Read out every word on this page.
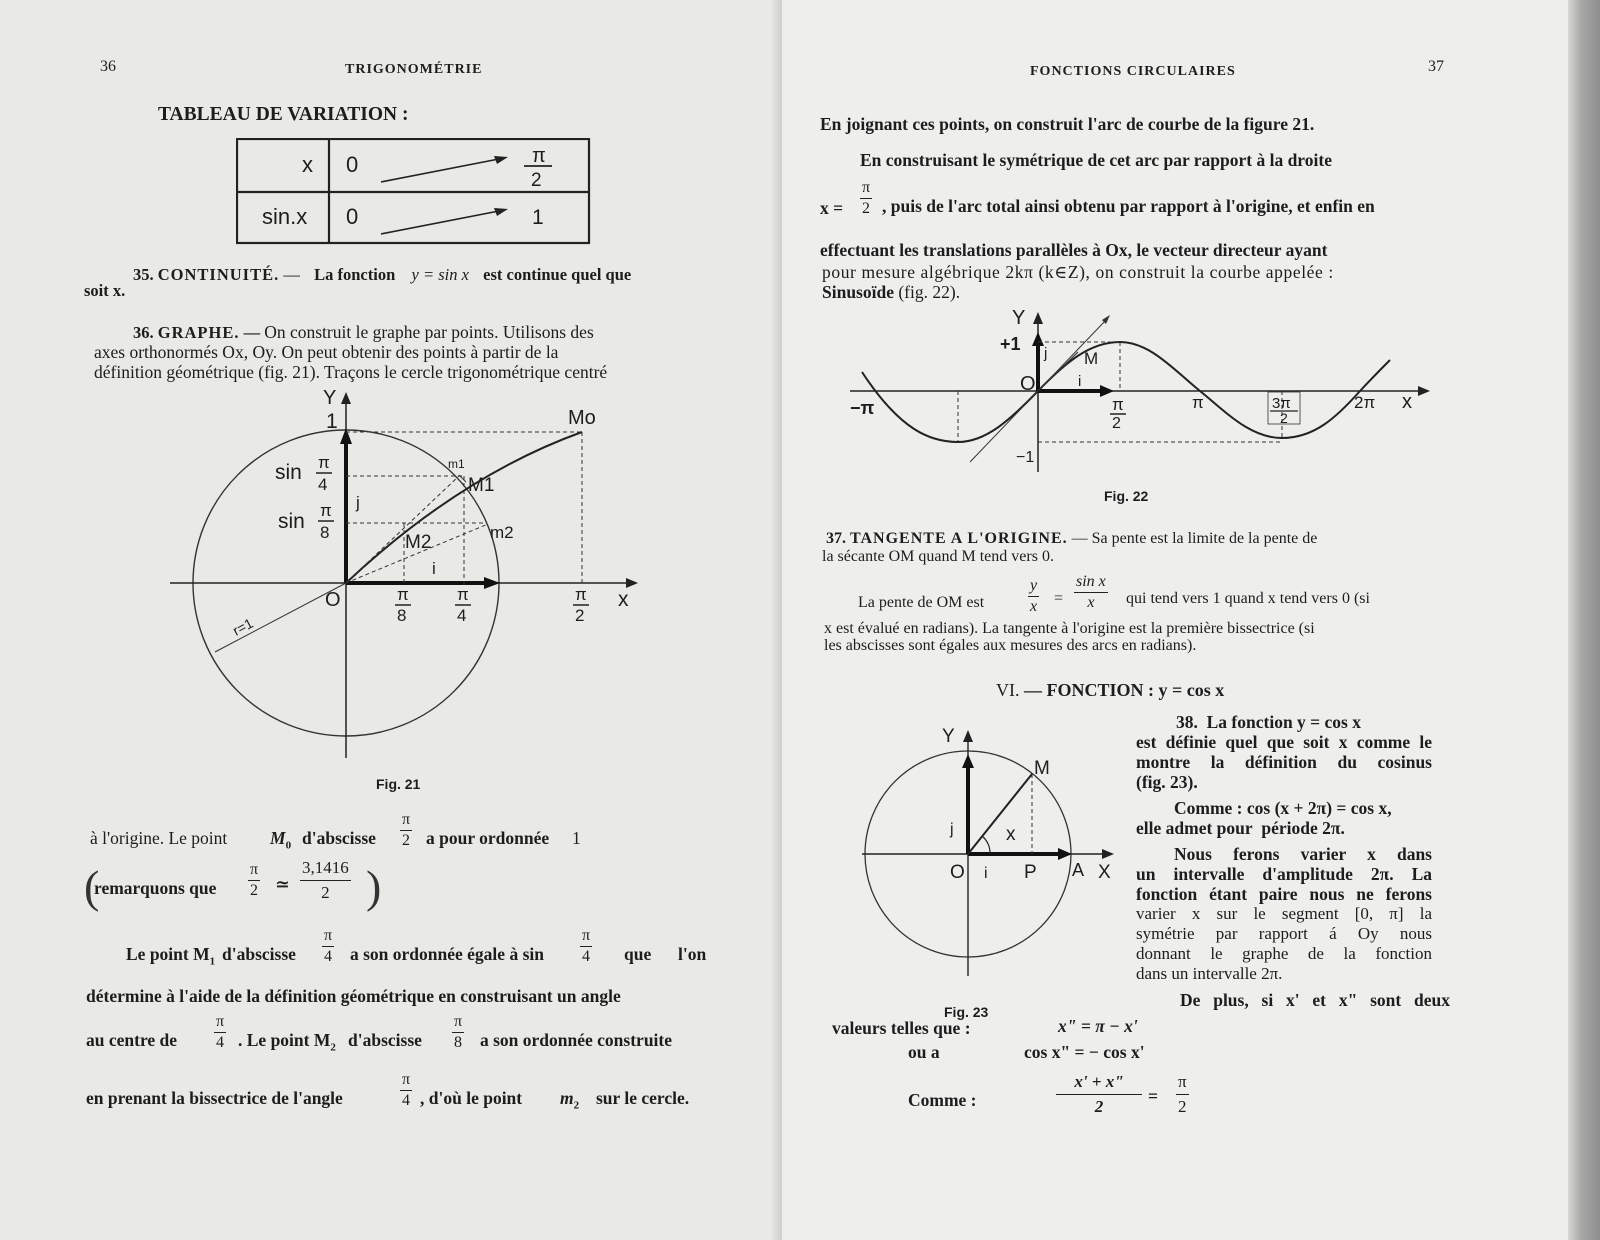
36	TRIGONOMÉTRIE
TABLEAU DE VARIATION :
x 0	π
2
sin.x 0	1
35. CONTINUITÉ. — La fonction y = sin x est continue quel que
soit x.
36. GRAPHE. — On construit le graphe par points. Utilisons des
axes orthonormés Ox, Oy. On peut obtenir des points à partir de la
définition géométrique (fig. 21). Traçons le cercle trigonométrique centré
Y
1	Mo
sin π
4
sin π
8
m1
M1
M2	m2
j
i
O	π
8
π
4
π
2
x
r=1
Fig. 21
à l'origine. Le point $M_0$ d'abscisse
π
2 a pour ordonnée 1
(
remarquons que
π
2 ≃
3,1416
2 )
Le point $M_1$ d'abscisse
π
4 a son ordonnée égale à sin
π
4 que l'on
détermine à l'aide de la définition géométrique en construisant un angle
au centre de
π
4 . Le point $M_2$ d'abscisse
π
8 a son ordonnée construite
en prenant la bissectrice de l'angle
π
4 , d'où le point $m_2$ sur le cercle.
FONCTIONS CIRCULAIRES	37
En joignant ces points, on construit l'arc de courbe de la figure 21.
En construisant le symétrique de cet arc par rapport à la droite
x =
π
2 , puis de l'arc total ainsi obtenu par rapport à l'origine, et enfin en
effectuant les translations parallèles à Ox, le vecteur directeur ayant
pour mesure algébrique 2kπ (k∈Z), on construit la courbe appelée :
Sinusoïde (fig. 22).
Y
+1
−1
−π	π
2
π	3π
2
2π x
O
M
j
i
Fig. 22
37. TANGENTE A L'ORIGINE. — Sa pente est la limite de la pente de
la sécante OM quand M tend vers 0.
La pente de OM est
y
x =
sin x
x qui tend vers 1 quand x tend vers 0 (si
x est évalué en radians). La tangente à l'origine est la première bissectrice (si
les abscisses sont égales aux mesures des arcs en radians).
VI. — FONCTION : y = cos x
Y
M
x
j
i
O	P A X
Fig. 23
38. La fonction y = cos x
est définie quel que soit x comme le
montre la définition du cosinus
(fig. 23).
Comme : cos (x + 2π) = cos x,
elle admet pour période 2π.
Nous ferons varier x dans
un intervalle d'amplitude 2π. La
fonction étant paire nous ne ferons
varier x sur le segment [0, π] la
symétrie par rapport á Oy nous
donnant le graphe de la fonction
dans un intervalle 2π.
De plus, si x' et x" sont deux
valeurs telles que :	x" = π − x'
ou a	cos x" = − cos x'
Comme :
x' + x"
2
=
π
2
